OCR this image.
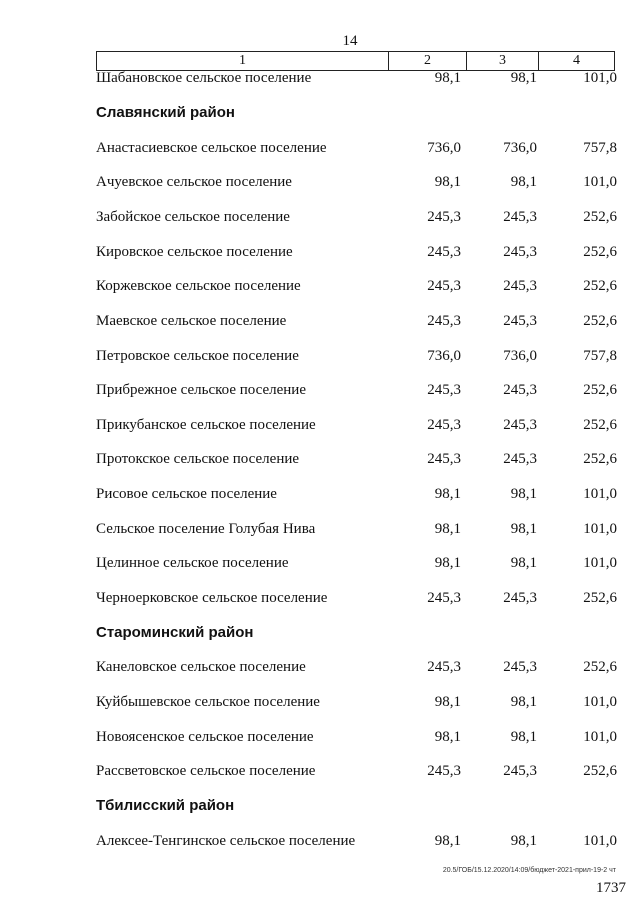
14
1	2	3	4
Шабановское сельское поселение	98,1	98,1	101,0
Славянский район
Анастасиевское сельское поселение	736,0	736,0	757,8
Ачуевское сельское поселение	98,1	98,1	101,0
Забойское сельское поселение	245,3	245,3	252,6
Кировское сельское поселение	245,3	245,3	252,6
Коржевское сельское поселение	245,3	245,3	252,6
Маевское сельское поселение	245,3	245,3	252,6
Петровское сельское поселение	736,0	736,0	757,8
Прибрежное сельское поселение	245,3	245,3	252,6
Прикубанское сельское поселение	245,3	245,3	252,6
Протокское сельское поселение	245,3	245,3	252,6
Рисовое сельское поселение	98,1	98,1	101,0
Сельское поселение Голубая Нива	98,1	98,1	101,0
Целинное сельское поселение	98,1	98,1	101,0
Черноерковское сельское поселение	245,3	245,3	252,6
Староминский район
Канеловское сельское поселение	245,3	245,3	252,6
Куйбышевское сельское поселение	98,1	98,1	101,0
Новоясенское сельское поселение	98,1	98,1	101,0
Рассветовское сельское поселение	245,3	245,3	252,6
Тбилисский район
Алексее-Тенгинское сельское поселение	98,1	98,1	101,0
20.5/ГОБ/15.12.2020/14:09/бюджет-2021-прил-19-2 чт
1737
